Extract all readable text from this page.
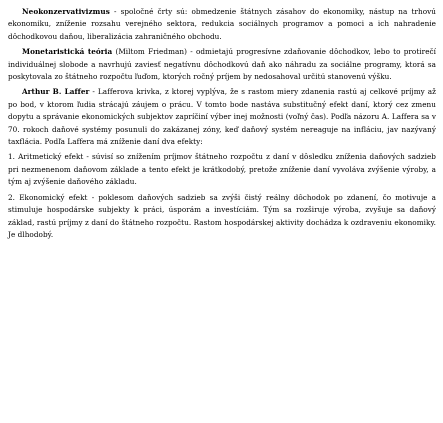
Neokonzervativizmus - spoločné črty sú: obmedzenie štátnych zásahov do ekonomiky, nástup na trhovú ekonomiku, zníženie rozsahu verejného sektora, redukcia sociálnych programov a pomoci a ich nahradenie dôchodkovou daňou, liberalizácia zahraničného obchodu.

Monetaristická teória (Miltom Friedman) - odmietajú progresívne zdaňovanie dôchodkov, lebo to protirečí individuálnej slobode a navrhujú zaviesť negatívnu dôchodkovú daň ako náhradu za sociálne programy, ktorá sa poskytovala zo štátneho rozpočtu ľuďom, ktorých ročný príjem by nedosahoval určitú stanovenú výšku.

Arthur B. Laffer - Lafferova krivka, z ktorej vyplýva, že s rastom miery zdanenia rastú aj celkové príjmy až po bod, v ktorom ľudia strácajú záujem o prácu. V tomto bode nastáva substitučný efekt daní, ktorý cez zmenu dopytu a správanie ekonomických subjektov zapríčiní výber inej možnosti (voľný čas). Podľa názoru A. Laffera sa v 70. rokoch daňové systémy posunuli do zakázanej zóny, keď daňový systém nereaguje na infláciu, jav nazývaný taxflácia. Podľa Laffera má zníženie daní dva efekty:

1. Aritmetický efekt - súvisí so znížením príjmov štátneho rozpočtu z daní v dôsledku zníženia daňových sadzieb pri nezmenenom daňovom základe a tento efekt je krátkodobý, pretože zníženie daní vyvoláva zvýšenie výroby, a tým aj zvýšenie daňového základu.

2. Ekonomický efekt - poklesom daňových sadzieb sa zvýši čistý reálny dôchodok po zdanení, čo motivuje a stimuluje hospodárske subjekty k práci, úsporám a investíciám. Tým sa rozširuje výroba, zvyšuje sa daňový základ, rastú príjmy z daní do štátneho rozpočtu. Rastom hospodárskej aktivity dochádza k ozdraveniu ekonomiky. Je dlhodobý.
